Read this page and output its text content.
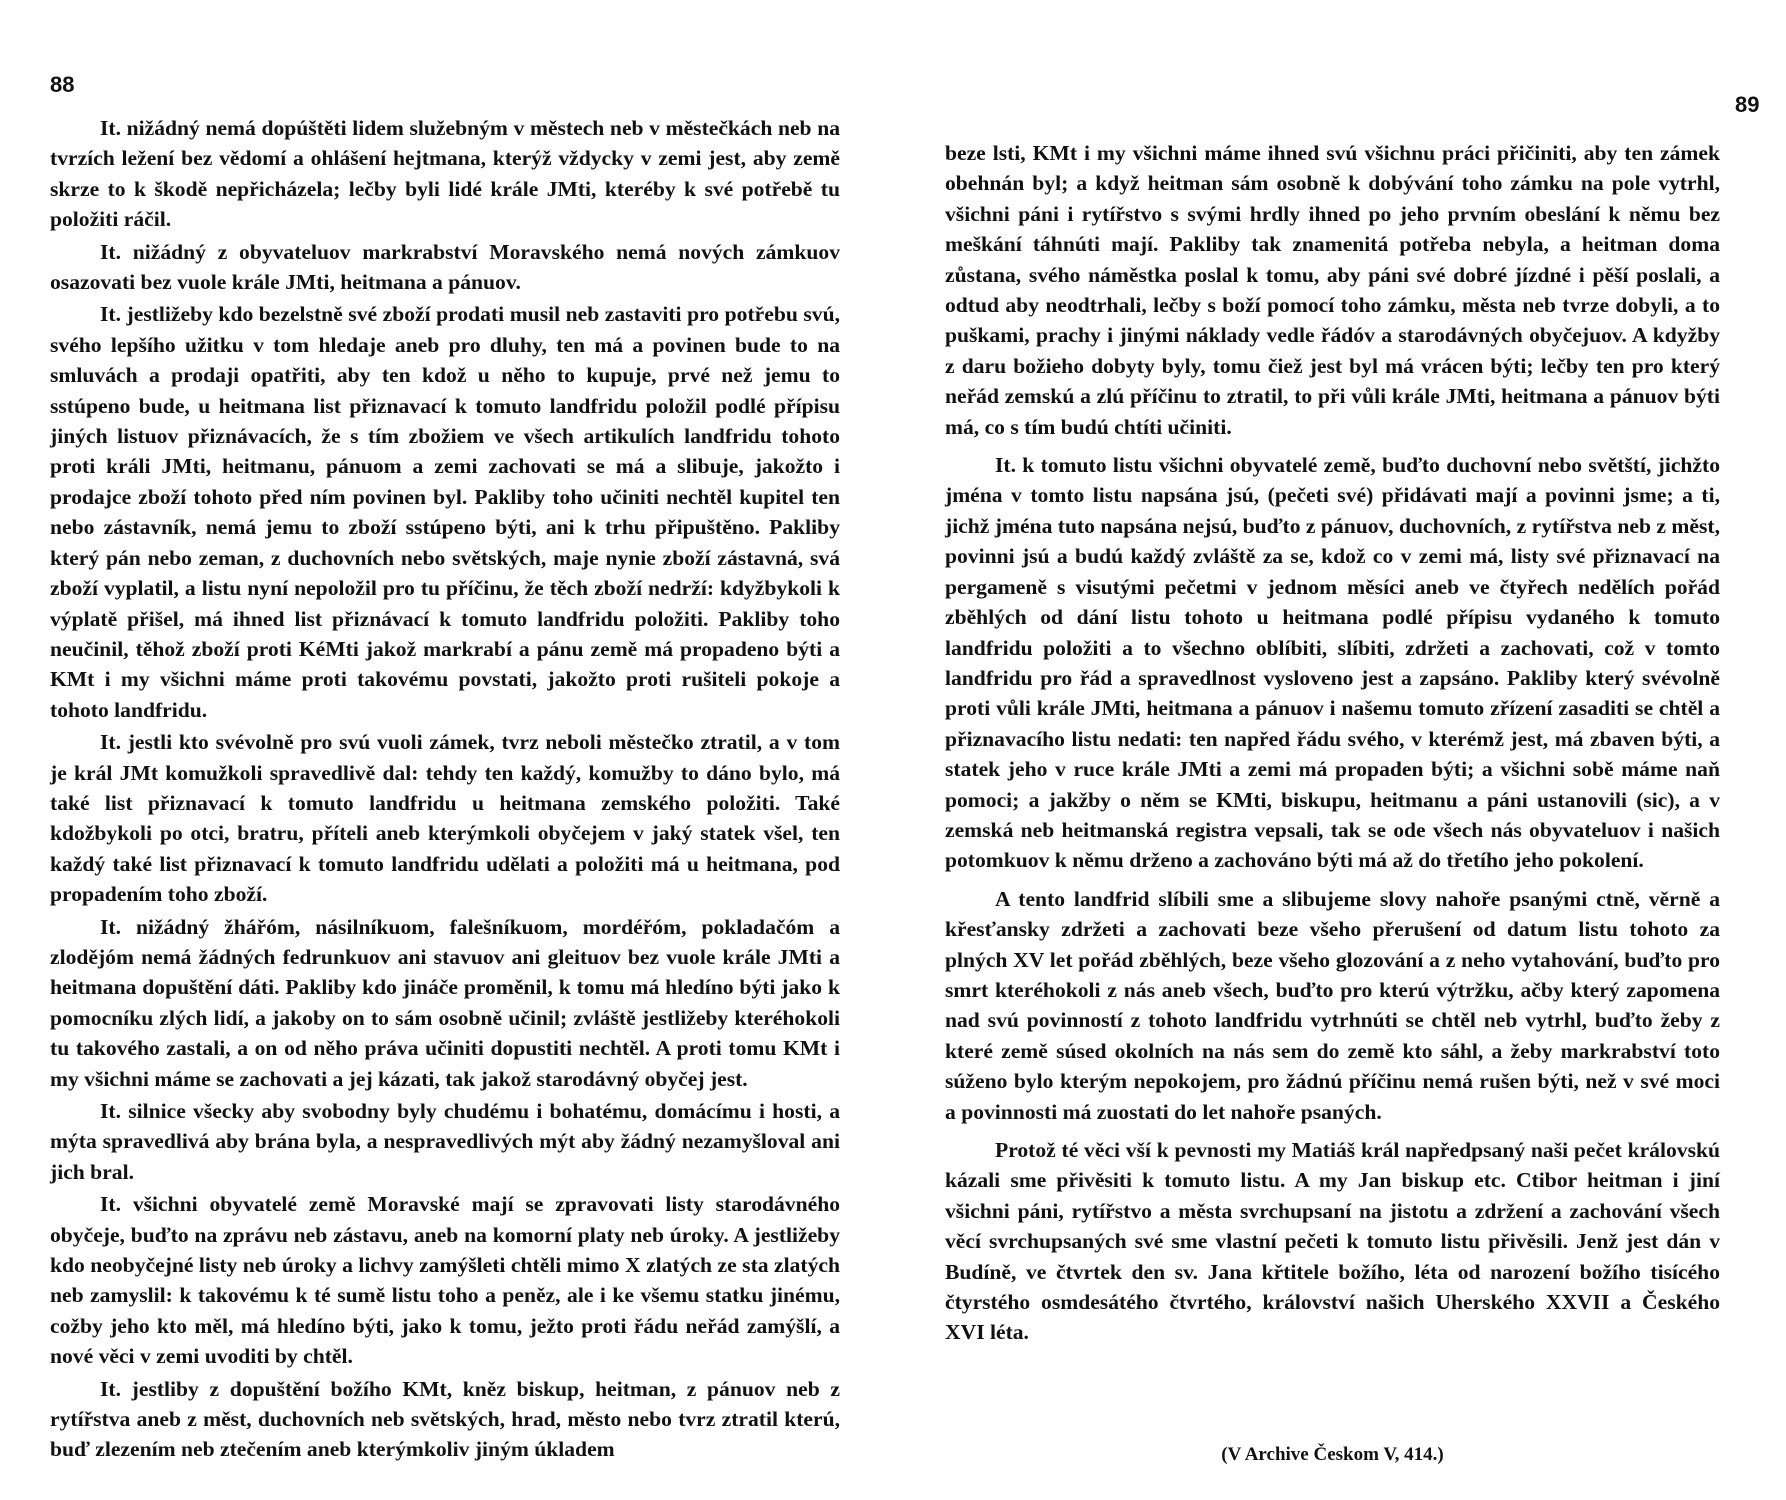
88

It. nižádný nemá dopúštěti lidem služebným v městech neb v městečkách neb na tvrzích ležení bez vědomí a ohlášení hejtmana, kterýž vždycky v zemi jest, aby země skrze to k škodě nepřicházela; lečby byli lidé krále JMti, kteréby k své potřebě tu položiti ráčil.

It. nižádný z obyvateluov markrabství Moravského nemá nových zámkuov osazovati bez vuole krále JMti, heitmana a pánuov.

It. jestližeby kdo bezelstně své zboží prodati musil neb zastaviti pro potřebu svú, svého lepšího užitku v tom hledaje aneb pro dluhy, ten má a povinen bude to na smluvách a prodaji opatřiti, aby ten kdož u něho to kupuje, prvé než jemu to sstúpeno bude, u heitmana list přiznavací k tomuto landfridu položil podlé přípisu jiných listuov přiznávacích, že s tím zbožiem ve všech artikulích landfridu tohoto proti králi JMti, heitmanu, pánuom a zemi zachovati se má a slibuje, jakožto i prodajce zboží tohoto před ním povinen byl. Pakliby toho učiniti nechtěl kupitel ten nebo zástavník, nemá jemu to zboží sstúpeno býti, ani k trhu připuštěno. Pakliby který pán nebo zeman, z duchovních nebo světských, maje nynie zboží zástavná, svá zboží vyplatil, a listu nyní nepoložil pro tu příčinu, že těch zboží nedrží: kdyžbykoli k výplatě přišel, má ihned list přiznávací k tomuto landfridu položiti. Pakliby toho neučinil, těhož zboží proti KéMti jakož markrabí a pánu země má propadeno býti a KMt i my všichni máme proti takovému povstati, jakožto proti rušiteli pokoje a tohoto landfridu.

It. jestli kto svévolně pro svú vuoli zámek, tvrz neboli městečko ztratil, a v tom je král JMt komužkoli spravedlivě dal: tehdy ten každý, komužby to dáno bylo, má také list přiznavací k tomuto landfridu u heitmana zemského položiti. Také kdožbykoli po otci, bratru, příteli aneb kterýmkoli obyčejem v jaký statek všel, ten každý také list přiznavací k tomuto landfridu udělati a položiti má u heitmana, pod propadením toho zboží.

It. nižádný žhářóm, násilníkuom, falešníkuom, mordéřóm, pokladačóm a zlodějóm nemá žádných fedrunkuov ani stavuov ani gleituov bez vuole krále JMti a heitmana dopuštění dáti. Pakliby kdo jináče proměnil, k tomu má hledíno býti jako k pomocníku zlých lidí, a jakoby on to sám osobně učinil; zvláště jestližeby kteréhokoli tu takového zastali, a on od něho práva učiniti dopustiti nechtěl. A proti tomu KMt i my všichni máme se zachovati a jej kázati, tak jakož starodávný obyčej jest.

It. silnice všecky aby svobodny byly chudému i bohatému, domácímu i hosti, a mýta spravedlivá aby brána byla, a nespravedlivých mýt aby žádný nezamyšloval ani jich bral.

It. všichni obyvatelé země Moravské mají se zpravovati listy starodávného obyčeje, buďto na zprávu neb zástavu, aneb na komorní platy neb úroky. A jestližeby kdo neobyčejné listy neb úroky a lichvy zamýšleti chtěli mimo X zlatých ze sta zlatých neb zamyslil: k takovému k té sumě listu toho a peněz, ale i ke všemu statku jinému, cožby jeho kto měl, má hledíno býti, jako k tomu, ježto proti řádu neřád zamýšlí, a nové věci v zemi uvoditi by chtěl.

It. jestliby z dopuštění božího KMt, kněz biskup, heitman, z pánuov neb z rytířstva aneb z měst, duchovních neb světských, hrad, město nebo tvrz ztratil kterú, buď zlezením neb ztečením aneb kterýmkoliv jiným úkladem

89

beze lsti, KMt i my všichni máme ihned svú všichnu práci přičiniti, aby ten zámek obehnán byl; a když heitman sám osobně k dobývání toho zámku na pole vytrhl, všichni páni i rytířstvo s svými hrdly ihned po jeho prvním obeslání k němu bez meškání táhnúti mají. Pakliby tak znamenitá potřeba nebyla, a heitman doma zůstana, svého náměstka poslal k tomu, aby páni své dobré jízdné i pěší poslali, a odtud aby neodtrhali, lečby s boží pomocí toho zámku, města neb tvrze dobyli, a to puškami, prachy i jinými náklady vedle řádóv a starodávných obyčejuov. A kdyžby z daru božieho dobyty byly, tomu čiež jest byl má vrácen býti; lečby ten pro který neřád zemskú a zlú příčinu to ztratil, to při vůli krále JMti, heitmana a pánuov býti má, co s tím budú chtíti učiniti.

It. k tomuto listu všichni obyvatelé země, buďto duchovní nebo světští, jichžto jména v tomto listu napsána jsú, (pečeti své) přidávati mají a povinni jsme; a ti, jichž jména tuto napsána nejsú, buďto z pánuov, duchovních, z rytířstva neb z měst, povinni jsú a budú každý zvláště za se, kdož co v zemi má, listy své přiznavací na pergameně s visutými pečetmi v jednom měsíci aneb ve čtyřech nedělích pořád zběhlých od dání listu tohoto u heitmana podlé přípisu vydaného k tomuto landfridu položiti a to všechno oblíbiti, slíbiti, zdržeti a zachovati, což v tomto landfridu pro řád a spravedlnost vysloveno jest a zapsáno. Pakliby který svévolně proti vůli krále JMti, heitmana a pánuov i našemu tomuto zřízení zasaditi se chtěl a přiznavacího listu nedati: ten napřed řádu svého, v kterémž jest, má zbaven býti, a statek jeho v ruce krále JMti a zemi má propaden býti; a všichni sobě máme naň pomoci; a jakžby o něm se KMti, biskupu, heitmanu a páni ustanovili (sic), a v zemská neb heitmanská registra vepsali, tak se ode všech nás obyvateluov i našich potomkuov k němu drženo a zachováno býti má až do třetího jeho pokolení.

A tento landfrid slíbili sme a slibujeme slovy nahoře psanými ctně, věrně a křesťansky zdržeti a zachovati beze všeho přerušení od datum listu tohoto za plných XV let pořád zběhlých, beze všeho glozování a z neho vytahování, buďto pro smrt kteréhokoli z nás aneb všech, buďto pro kterú výtržku, ačby který zapomena nad svú povinností z tohoto landfridu vytrhnúti se chtěl neb vytrhl, buďto žeby z které země súsed okolních na nás sem do země kto sáhl, a žeby markrabství toto súženo bylo kterým nepokojem, pro žádnú příčinu nemá rušen býti, než v své moci a povinnosti má zuostati do let nahoře psaných.

Protož té věci vší k pevnosti my Matiáš král napředpsaný naši pečet královskú kázali sme přivěsiti k tomuto listu. A my Jan biskup etc. Ctibor heitman i jiní všichni páni, rytířstvo a města svrchupsaní na jistotu a zdržení a zachování všech věcí svrchupsaných své sme vlastní pečeti k tomuto listu přivěsili. Jenž jest dán v Budíně, ve čtvrtek den sv. Jana křtitele božího, léta od narození božího tisícého čtyrstého osmdesátého čtvrtého, království našich Uherského XXVII a Českého XVI léta.

(V Archive Českom V, 414.)
